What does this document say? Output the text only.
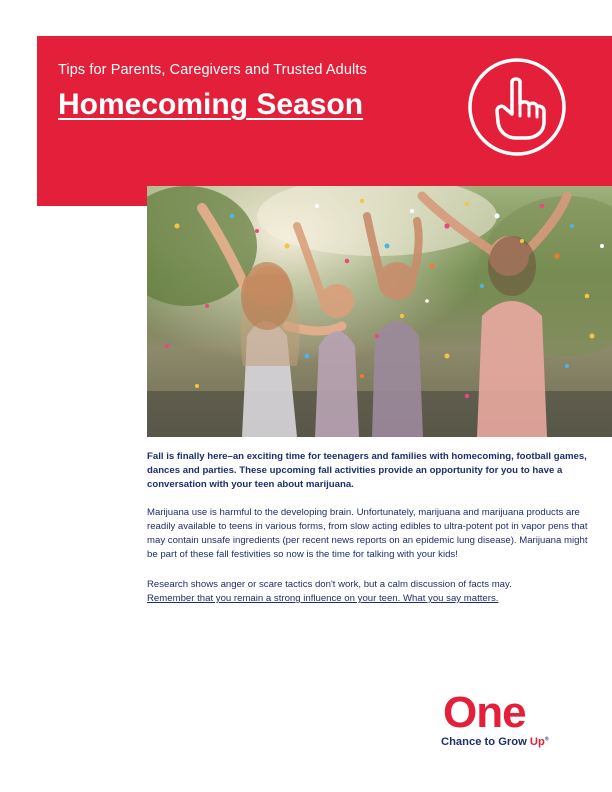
Tips for Parents, Caregivers and Trusted Adults
Homecoming Season
Fall is finally here–an exciting time for teenagers and families with homecoming, football games, dances and parties. These upcoming fall activities provide an opportunity for you to have a conversation with your teen about marijuana.
Marijuana use is harmful to the developing brain. Unfortunately, marijuana and marijuana products are readily available to teens in various forms, from slow acting edibles to ultra-potent pot in vapor pens that may contain unsafe ingredients (per recent news reports on an epidemic lung disease). Marijuana might be part of these fall festivities so now is the time for talking with your kids!
Research shows anger or scare tactics don't work, but a calm discussion of facts may.
Remember that you remain a strong influence on your teen. What you say matters.
One
Chance to Grow Up®
